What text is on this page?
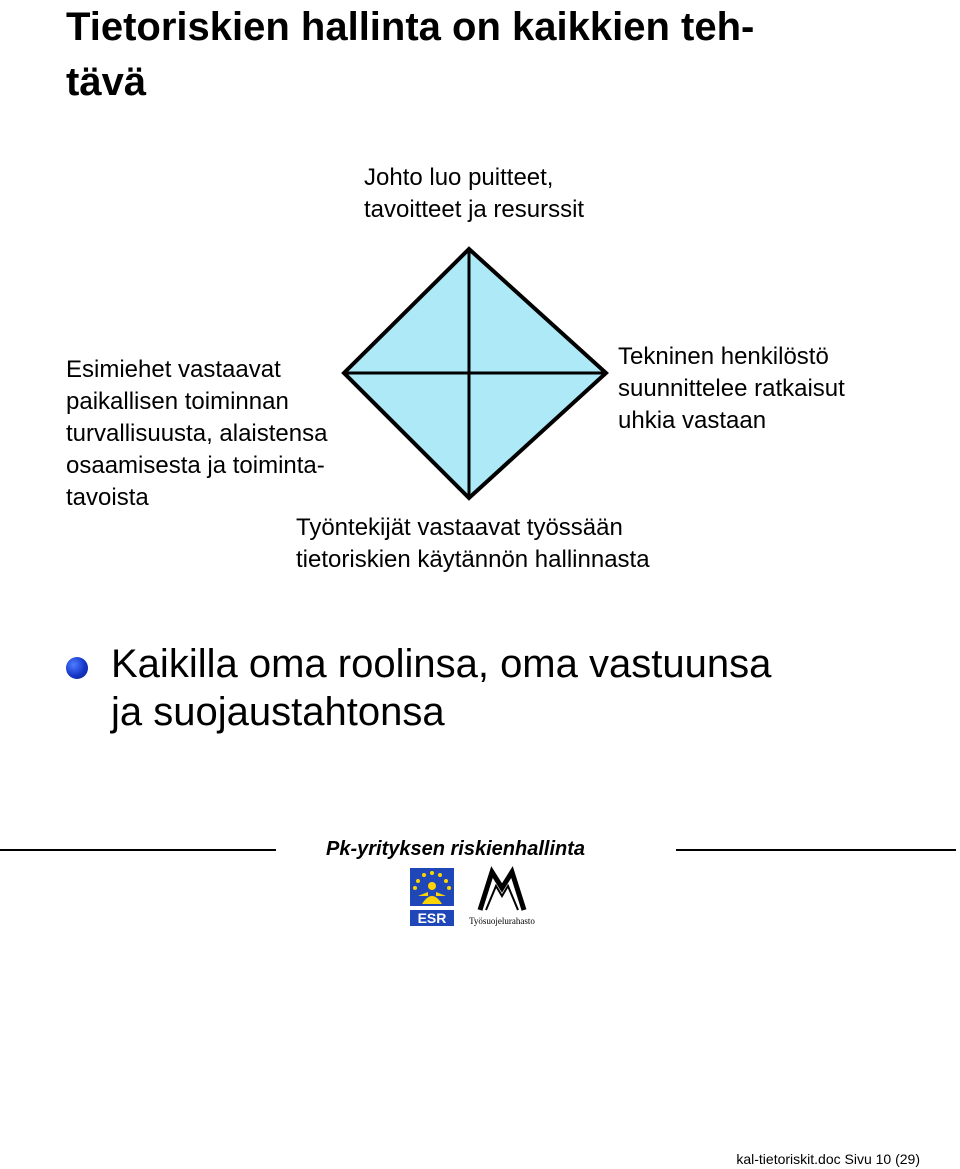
Tietoriskien hallinta on kaikkien teh-
tävä
Johto luo puitteet,
tavoitteet ja resurssit
Esimiehet vastaavat
paikallisen toiminnan
turvallisuusta, alaistensa
osaamisesta ja toiminta-
tavoista
Tekninen henkilöstö
suunnittelee ratkaisut
uhkia vastaan
Työntekijät vastaavat työssään
tietoriskien käytännön hallinnasta
Kaikilla oma roolinsa, oma vastuunsa
ja suojaustahtonsa
Pk-yrityksen riskienhallinta
ESR	Työsuojelurahasto
kal-tietoriskit.doc Sivu 10 (29)
